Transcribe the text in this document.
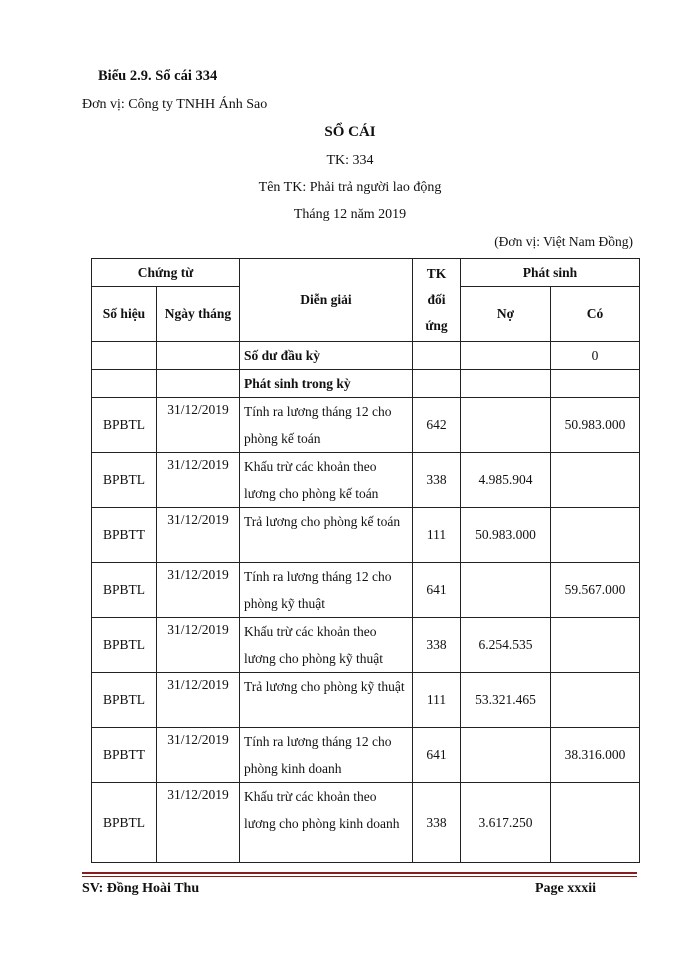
Biểu 2.9. Sổ cái 334
Đơn vị: Công ty TNHH Ánh Sao
SỔ CÁI
TK: 334
Tên TK: Phải trả người lao động
Tháng 12 năm 2019
(Đơn vị: Việt Nam Đồng)
Chứng từ		Diễn giải	TK đối ứng	Phát sinh	
Số hiệu	Ngày tháng			Nợ	Có
		Số dư đầu kỳ			0
		Phát sinh trong kỳ			
BPBTL	31/12/2019	Tính ra lương tháng 12 cho phòng kế toán	642		50.983.000
BPBTL	31/12/2019	Khấu trừ các khoản theo lương cho phòng kế toán	338	4.985.904	
BPBTT	31/12/2019	Trả lương cho phòng kế toán	111	50.983.000	
BPBTL	31/12/2019	Tính ra lương tháng 12 cho phòng kỹ thuật	641		59.567.000
BPBTL	31/12/2019	Khấu trừ các khoản theo lương cho phòng kỹ thuật	338	6.254.535	
BPBTL	31/12/2019	Trả lương cho phòng kỹ thuật	111	53.321.465	
BPBTT	31/12/2019	Tính ra lương tháng 12 cho phòng kinh doanh	641		38.316.000
BPBTL	31/12/2019	Khấu trừ các khoản theo lương cho phòng kinh doanh	338	3.617.250	
SV: Đồng Hoài Thu	Page xxxii
